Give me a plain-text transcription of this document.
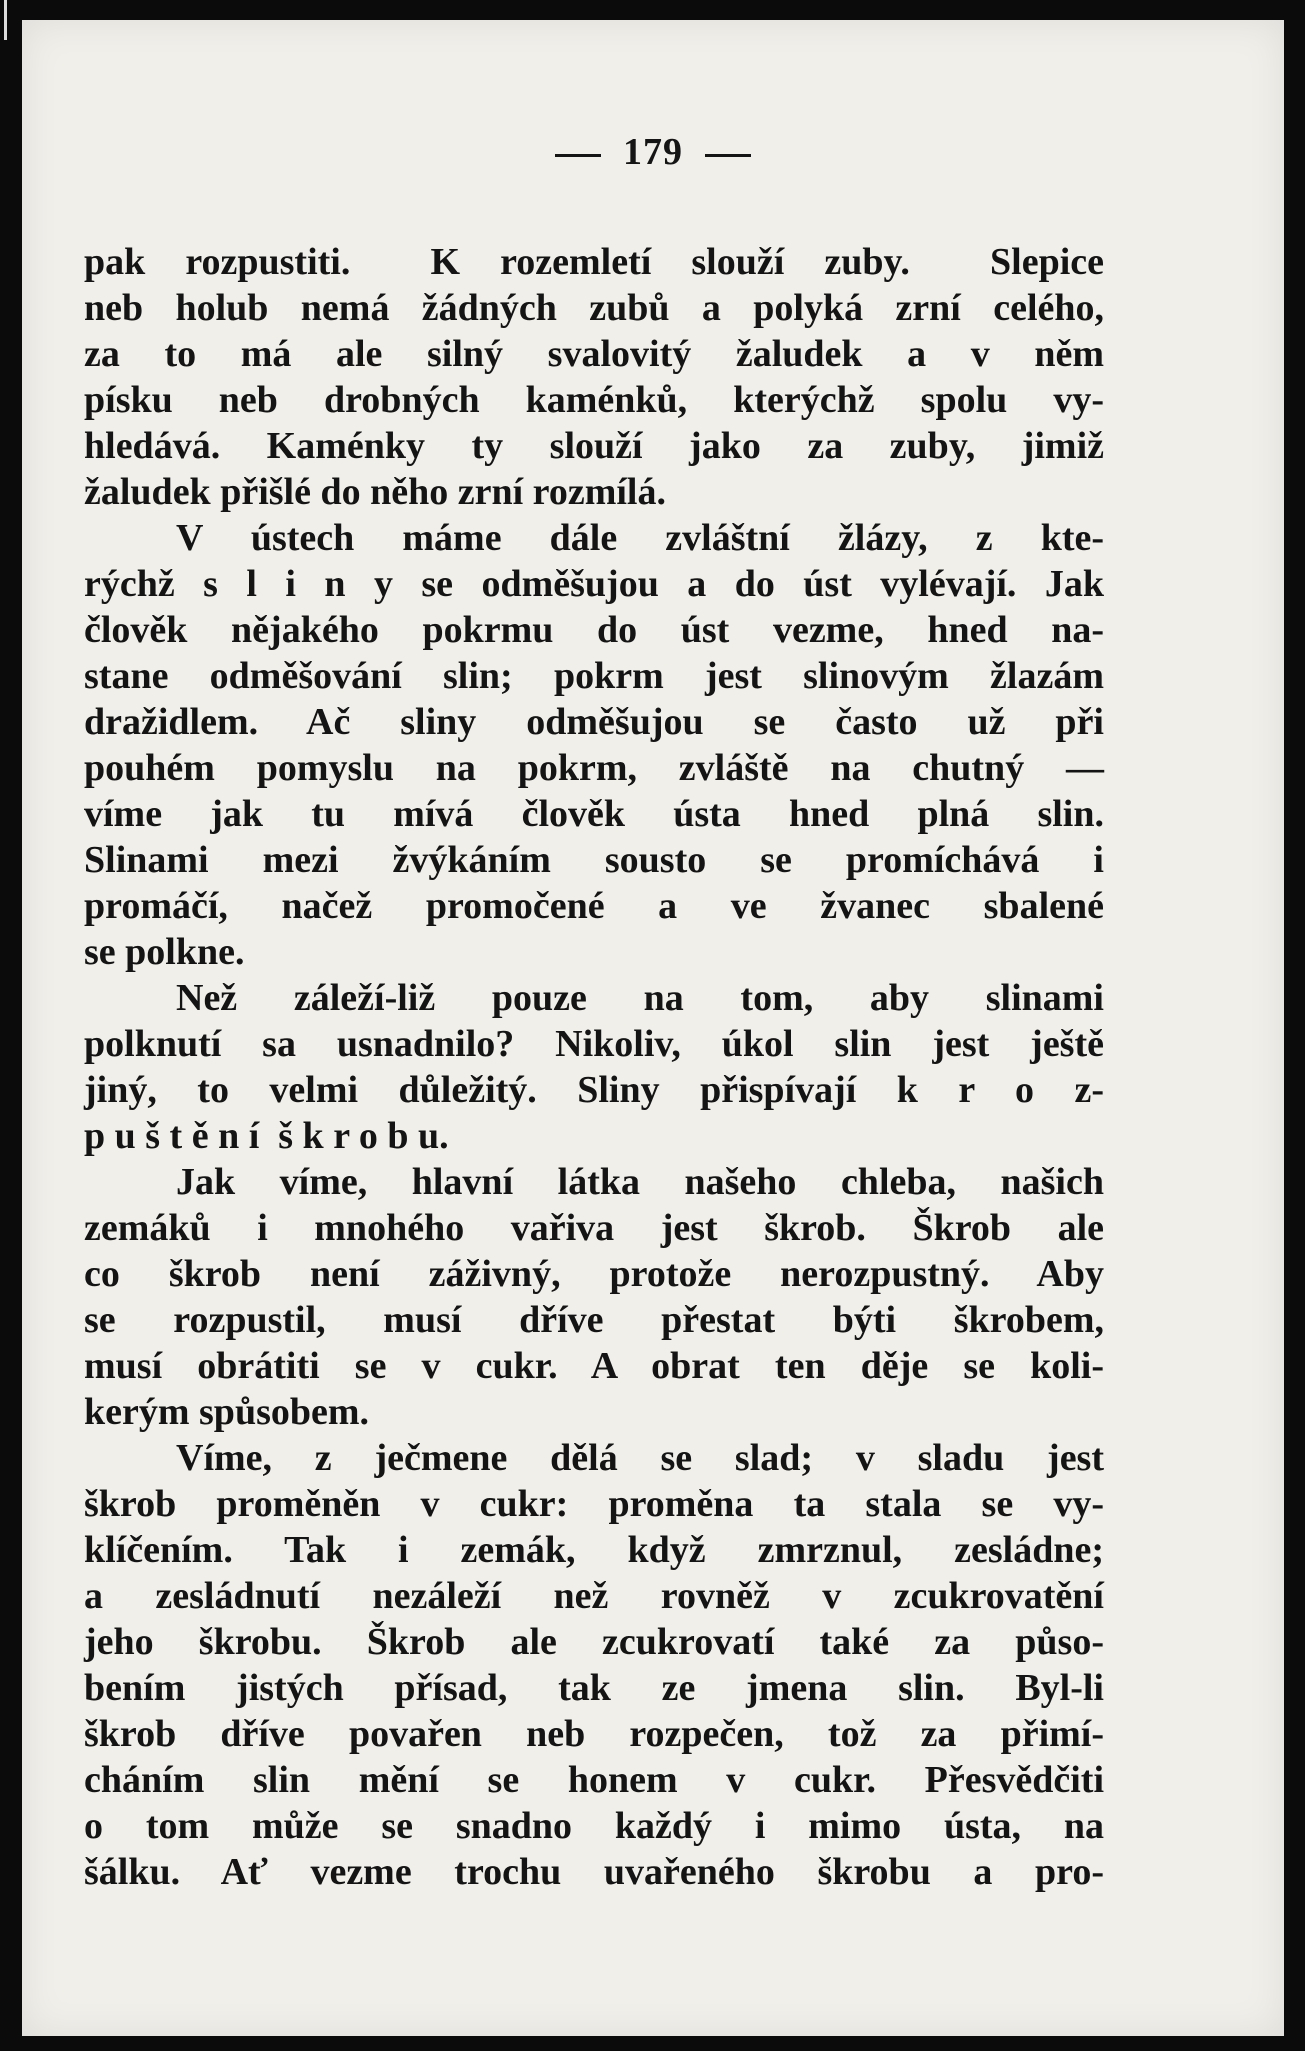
179
pak rozpustiti.  K rozemletí slouží zuby.  Slepice
neb holub nemá žádných zubů a polyká zrní celého,
za to má ale silný svalovitý žaludek a v něm
písku neb drobných kaménků, kterýchž spolu vy-
hledává. Kaménky ty slouží jako za zuby, jimiž
žaludek přišlé do něho zrní rozmílá.
V ústech máme dále zvláštní žlázy, z kte-
rýchž s l i n y se odměšujou a do úst vylévají. Jak
člověk nějakého pokrmu do úst vezme, hned na-
stane odměšování slin; pokrm jest slinovým žlazám
dražidlem. Ač sliny odměšujou se často už při
pouhém pomyslu na pokrm, zvláště na chutný —
víme jak tu mívá člověk ústa hned plná slin.
Slinami mezi žvýkáním sousto se promíchává i
promáčí, načež promočené a ve žvanec sbalené
se polkne.
Než záleží-liž pouze na tom, aby slinami
polknutí sa usnadnilo? Nikoliv, úkol slin jest ještě
jiný, to velmi důležitý. Sliny přispívají k r o z-
p u š t ě n í  š k r o b u.
Jak víme, hlavní látka našeho chleba, našich
zemáků i mnohého vařiva jest škrob. Škrob ale
co škrob není záživný, protože nerozpustný. Aby
se rozpustil, musí dříve přestat býti škrobem,
musí obrátiti se v cukr. A obrat ten děje se koli-
kerým spůsobem.
Víme, z ječmene dělá se slad; v sladu jest
škrob proměněn v cukr: proměna ta stala se vy-
klíčením. Tak i zemák, když zmrznul, zesládne;
a zesládnutí nezáleží než rovněž v zcukrovatění
jeho škrobu. Škrob ale zcukrovatí také za půso-
bením jistých přísad, tak ze jmena slin. Byl-li
škrob dříve povařen neb rozpečen, tož za přimí-
cháním slin mění se honem v cukr. Přesvědčiti
o tom může se snadno každý i mimo ústa, na
šálku. Ať vezme trochu uvařeného škrobu a pro-
